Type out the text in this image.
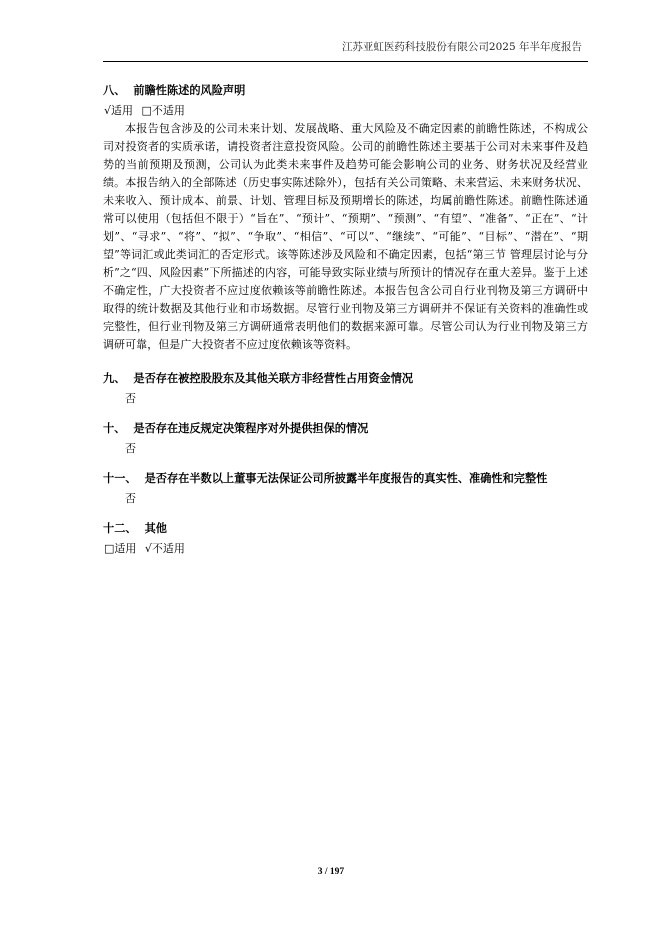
江苏亚虹医药科技股份有限公司2025 年半年度报告
八、 前瞻性陈述的风险声明
√适用 □不适用

本报告包含涉及的公司未来计划、发展战略、重大风险及不确定因素的前瞻性陈述，不构成公司对投资者的实质承诺，请投资者注意投资风险。公司的前瞻性陈述主要基于公司对未来事件及趋势的当前预期及预测，公司认为此类未来事件及趋势可能会影响公司的业务、财务状况及经营业绩。本报告纳入的全部陈述（历史事实陈述除外），包括有关公司策略、未来营运、未来财务状况、未来收入、预计成本、前景、计划、管理目标及预期增长的陈述，均属前瞻性陈述。前瞻性陈述通常可以使用（包括但不限于）“旨在”、“预计”、“预期”、“预测”、“有望”、“准备”、“正在”、“计划”、“寻求”、“将”、“拟”、“争取”、“相信”、“可以”、“继续”、“可能”、“目标”、“潜在”、“期望”等词汇或此类词汇的否定形式。该等陈述涉及风险和不确定因素，包括“第三节 管理层讨论与分析”之“四、风险因素”下所描述的内容，可能导致实际业绩与所预计的情况存在重大差异。鉴于上述不确定性，广大投资者不应过度依赖该等前瞻性陈述。本报告包含公司自行业刊物及第三方调研中取得的统计数据及其他行业和市场数据。尽管行业刊物及第三方调研并不保证有关资料的准确性或完整性，但行业刊物及第三方调研通常表明他们的数据来源可靠。尽管公司认为行业刊物及第三方调研可靠，但是广大投资者不应过度依赖该等资料。

九、 是否存在被控股股东及其他关联方非经营性占用资金情况
否
十、 是否存在违反规定决策程序对外提供担保的情况
否
十一、 是否存在半数以上董事无法保证公司所披露半年度报告的真实性、准确性和完整性
否
十二、 其他
□适用 √不适用
3 / 197
